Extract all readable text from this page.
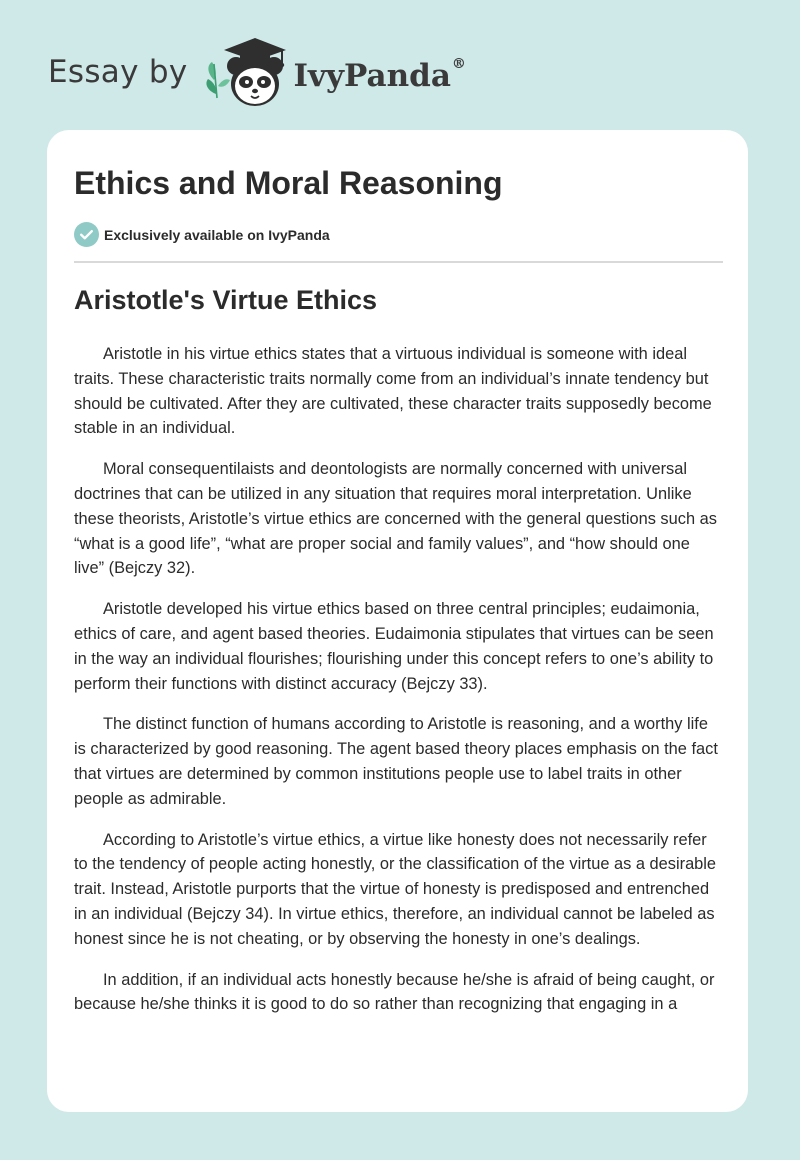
Essay by	IvyPanda®
Ethics and Moral Reasoning
Exclusively available on IvyPanda
Aristotle's Virtue Ethics

Aristotle in his virtue ethics states that a virtuous individual is someone with ideal traits. These characteristic traits normally come from an individual’s innate tendency but should be cultivated. After they are cultivated, these character traits supposedly become stable in an individual.

Moral consequentilaists and deontologists are normally concerned with universal doctrines that can be utilized in any situation that requires moral interpretation. Unlike these theorists, Aristotle’s virtue ethics are concerned with the general questions such as “what is a good life”, “what are proper social and family values”, and “how should one live” (Bejczy 32).

Aristotle developed his virtue ethics based on three central principles; eudaimonia, ethics of care, and agent based theories. Eudaimonia stipulates that virtues can be seen in the way an individual flourishes; flourishing under this concept refers to one’s ability to perform their functions with distinct accuracy (Bejczy 33).

The distinct function of humans according to Aristotle is reasoning, and a worthy life is characterized by good reasoning. The agent based theory places emphasis on the fact that virtues are determined by common institutions people use to label traits in other people as admirable.

According to Aristotle’s virtue ethics, a virtue like honesty does not necessarily refer to the tendency of people acting honestly, or the classification of the virtue as a desirable trait. Instead, Aristotle purports that the virtue of honesty is predisposed and entrenched in an individual (Bejczy 34). In virtue ethics, therefore, an individual cannot be labeled as honest since he is not cheating, or by observing the honesty in one’s dealings.

In addition, if an individual acts honestly because he/she is afraid of being caught, or because he/she thinks it is good to do so rather than recognizing that engaging in a
